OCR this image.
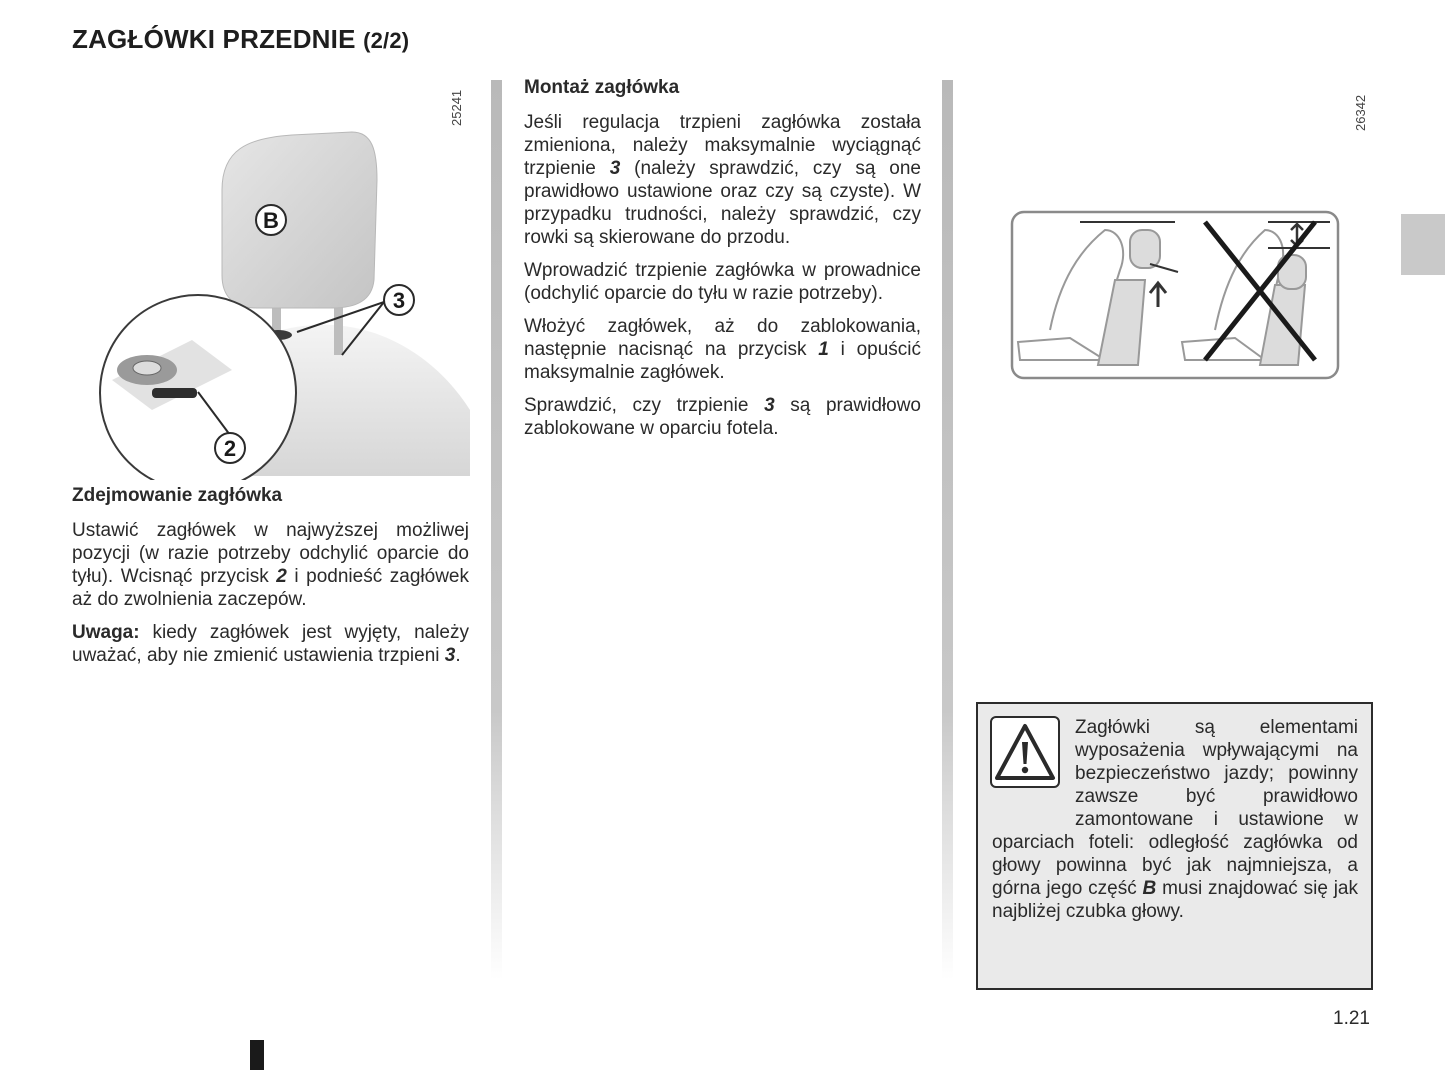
ZAGŁÓWKI PRZEDNIE (2/2)
B
3
2
25241
Zdejmowanie zagłówka

Ustawić zagłówek w najwyższej możliwej pozycji (w razie potrzeby odchylić oparcie do tyłu). Wcisnąć przycisk 2 i podnieść zagłówek aż do zwolnienia zaczepów.

Uwaga: kiedy zagłówek jest wyjęty, należy uważać, aby nie zmienić ustawienia trzpieni 3.

Montaż zagłówka

Jeśli regulacja trzpieni zagłówka została zmieniona, należy maksymalnie wyciągnąć trzpienie 3 (należy sprawdzić, czy są one prawidłowo ustawione oraz czy są czyste). W przypadku trudności, należy sprawdzić, czy rowki są skierowane do przodu.

Wprowadzić trzpienie zagłówka w prowadnice (odchylić oparcie do tyłu w razie potrzeby).

Włożyć zagłówek, aż do zablokowania, następnie nacisnąć na przycisk 1 i opuścić maksymalnie zagłówek.

Sprawdzić, czy trzpienie 3 są prawidłowo zablokowane w oparciu fotela.

26342
Zagłówki są elementami wyposażenia wpływającymi na bezpieczeństwo jazdy; powinny zawsze być prawidłowo zamontowane i ustawione w oparciach foteli: odległość zagłówka od głowy powinna być jak najmniejsza, a górna jego część B musi znajdować się jak najbliżej czubka głowy.
1.21
